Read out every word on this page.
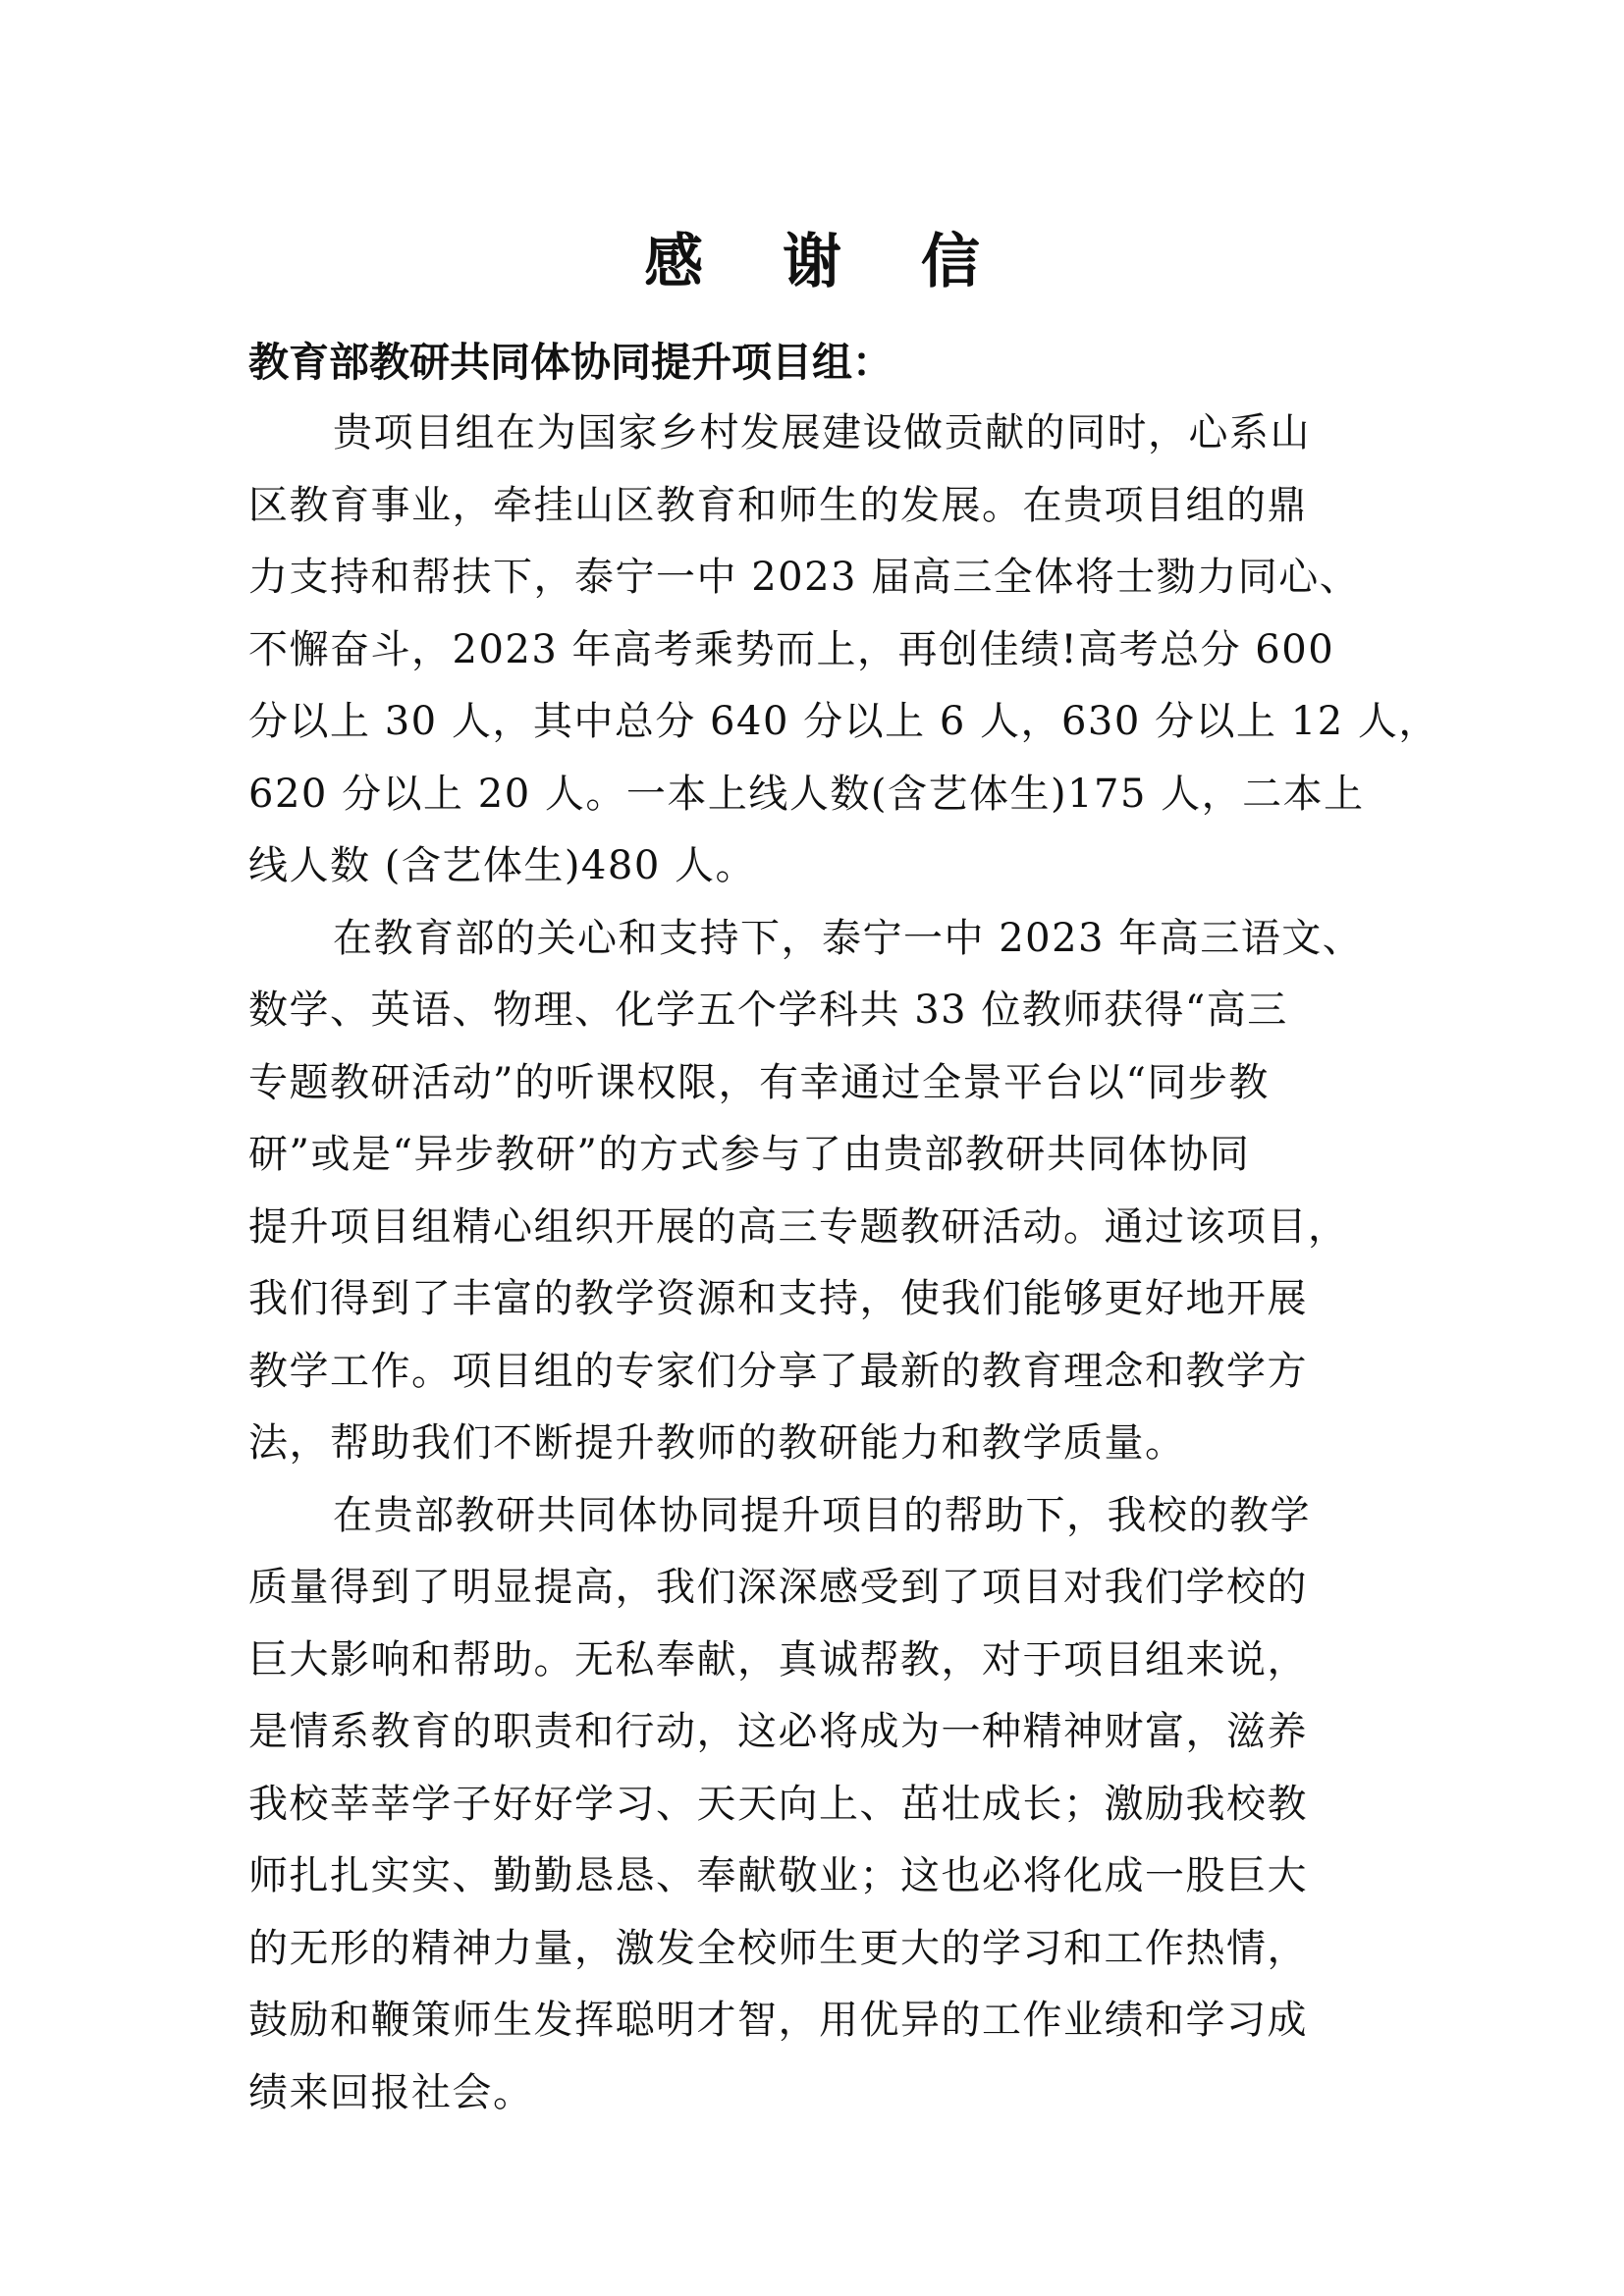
感 谢 信
教育部教研共同体协同提升项目组：
贵项目组在为国家乡村发展建设做贡献的同时，心系山
区教育事业，牵挂山区教育和师生的发展。在贵项目组的鼎
力支持和帮扶下，泰宁一中 2023 届高三全体将士勠力同心、
不懈奋斗，2023 年高考乘势而上，再创佳绩!高考总分 600
分以上 30 人，其中总分 640 分以上 6 人，630 分以上 12 人，
620 分以上 20 人。一本上线人数(含艺体生)175 人，二本上
线人数 (含艺体生)480 人。
在教育部的关心和支持下，泰宁一中 2023 年高三语文、
数学、英语、物理、化学五个学科共 33 位教师获得“高三
专题教研活动”的听课权限，有幸通过全景平台以“同步教
研”或是“异步教研”的方式参与了由贵部教研共同体协同
提升项目组精心组织开展的高三专题教研活动。通过该项目，
我们得到了丰富的教学资源和支持，使我们能够更好地开展
教学工作。项目组的专家们分享了最新的教育理念和教学方
法，帮助我们不断提升教师的教研能力和教学质量。
在贵部教研共同体协同提升项目的帮助下，我校的教学
质量得到了明显提高，我们深深感受到了项目对我们学校的
巨大影响和帮助。无私奉献，真诚帮教，对于项目组来说，
是情系教育的职责和行动，这必将成为一种精神财富，滋养
我校莘莘学子好好学习、天天向上、茁壮成长；激励我校教
师扎扎实实、勤勤恳恳、奉献敬业；这也必将化成一股巨大
的无形的精神力量，激发全校师生更大的学习和工作热情，
鼓励和鞭策师生发挥聪明才智，用优异的工作业绩和学习成
绩来回报社会。
